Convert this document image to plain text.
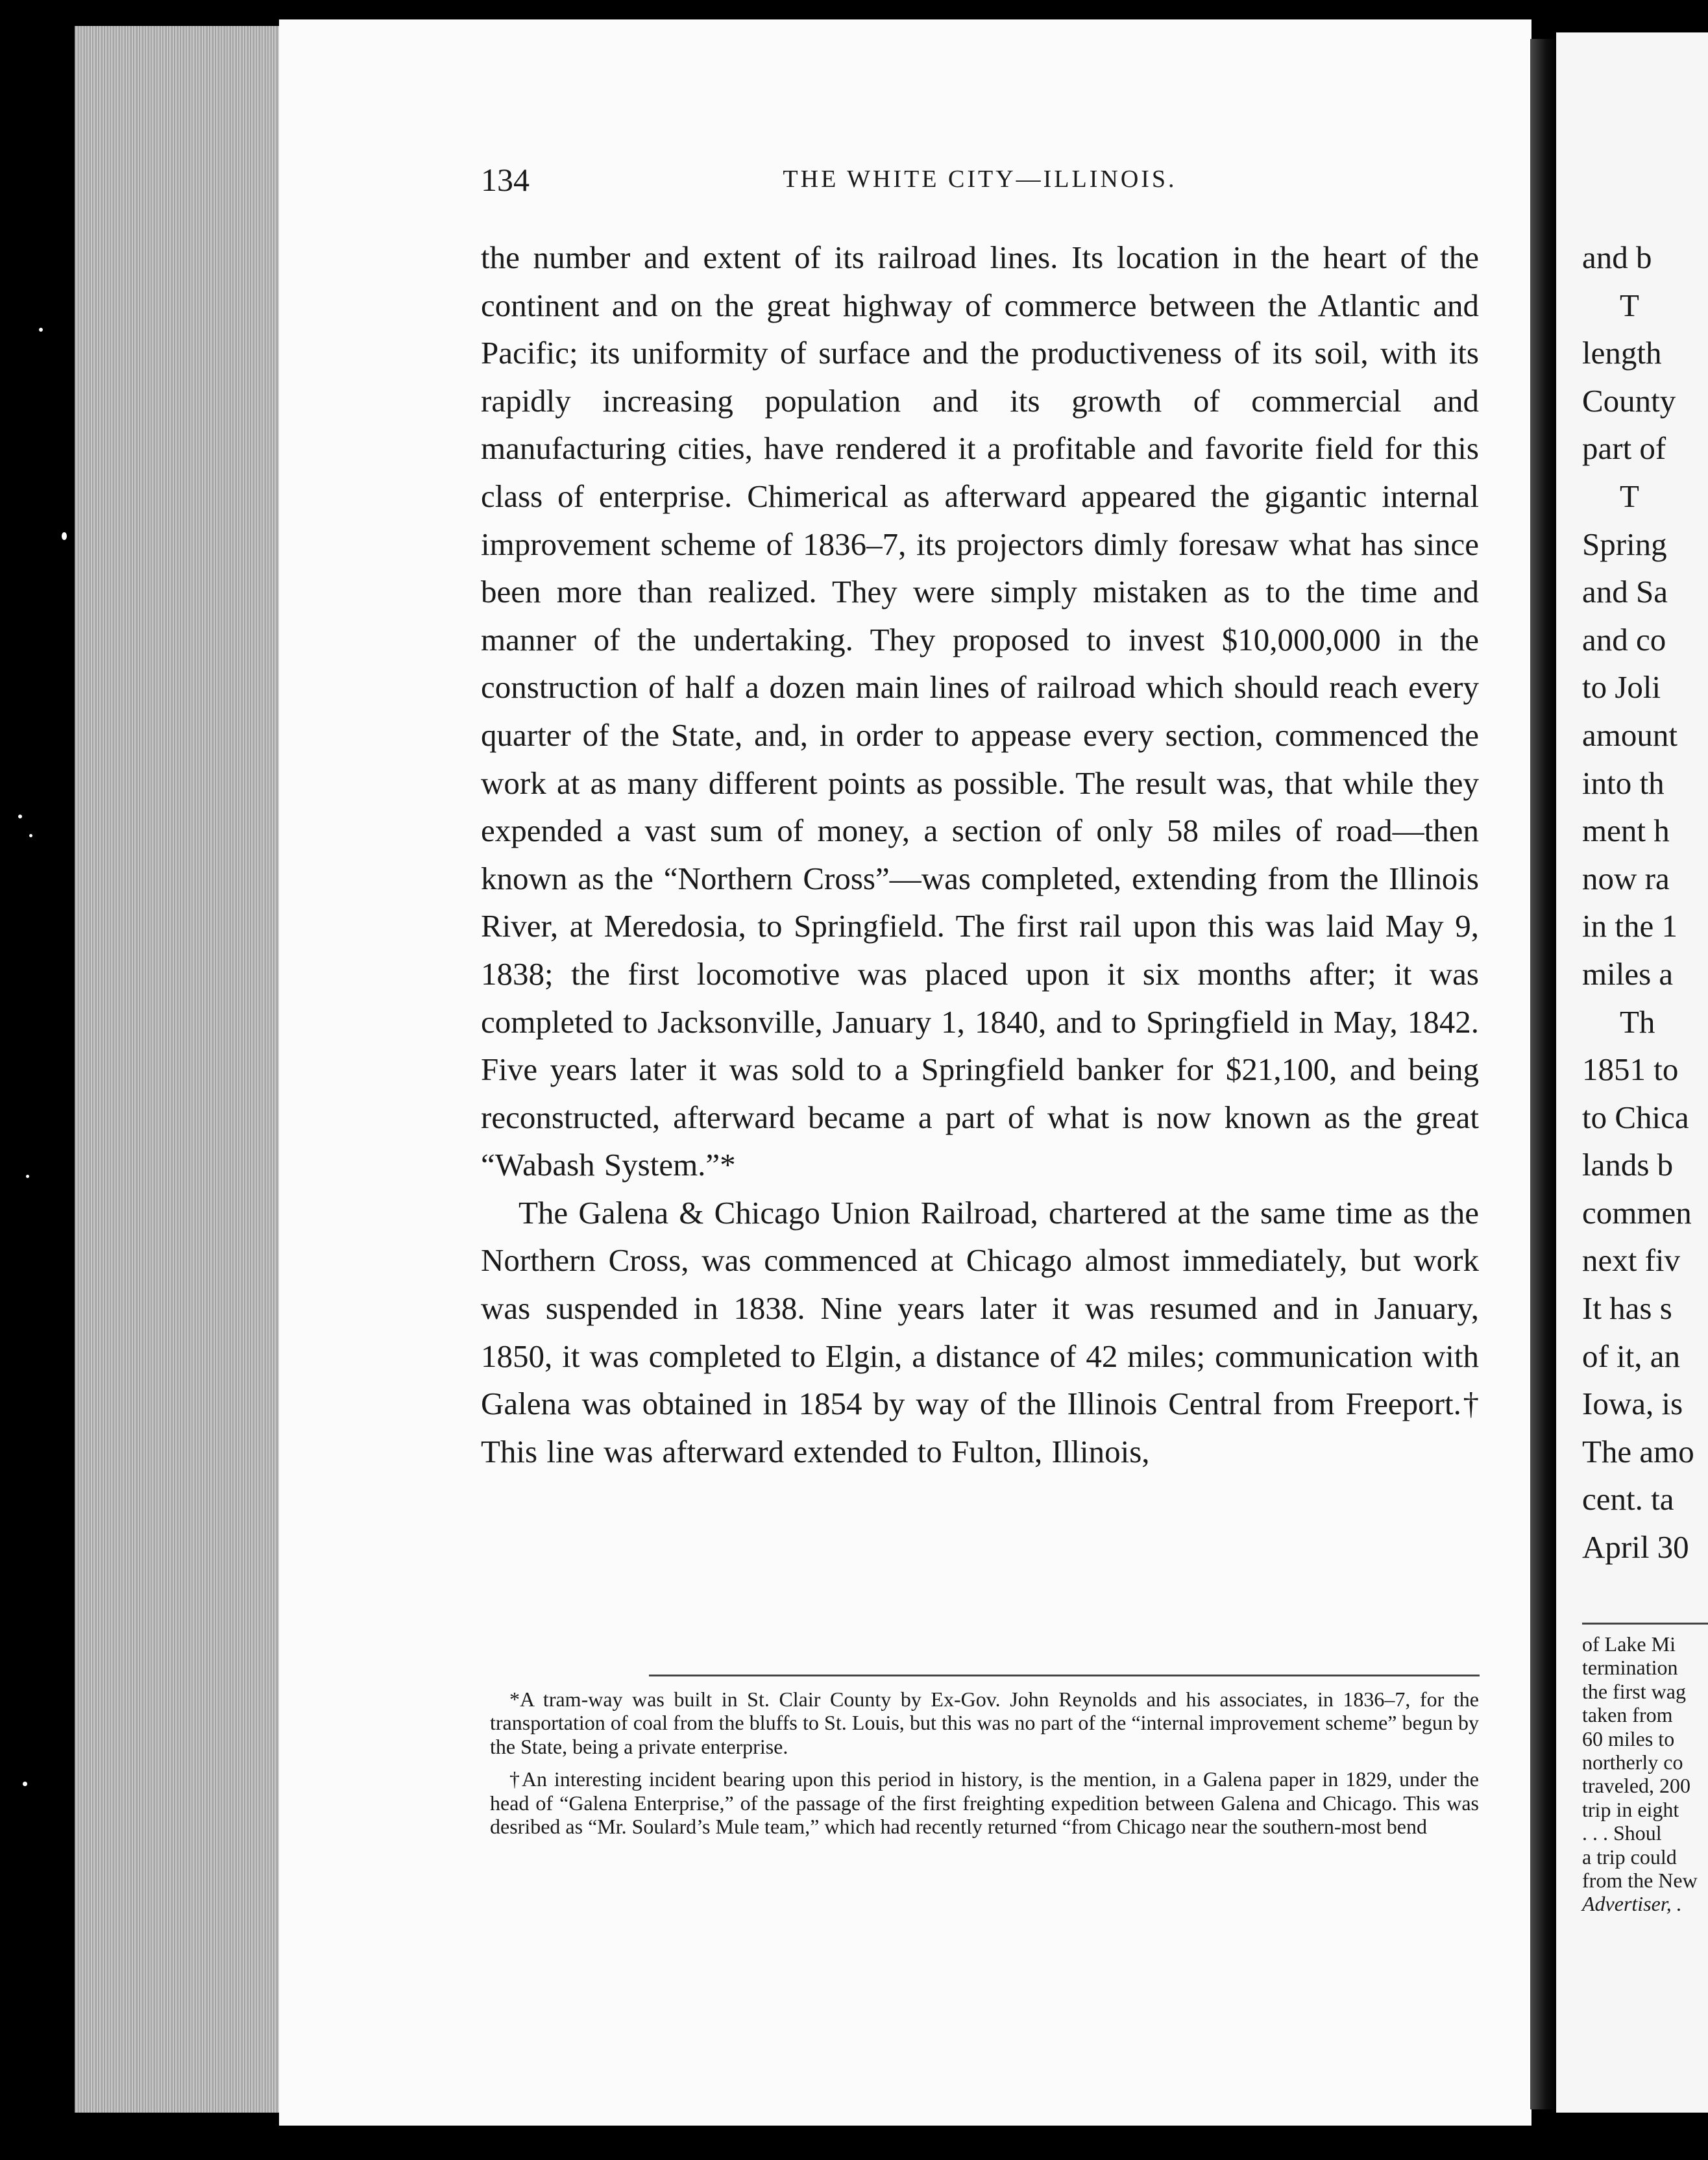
134	THE WHITE CITY—ILLINOIS.

the number and extent of its railroad lines. Its location in the heart of the continent and on the great highway of commerce between the Atlantic and Pacific; its uniformity of surface and the productiveness of its soil, with its rapidly increasing population and its growth of commercial and manufacturing cities, have rendered it a profitable and favorite field for this class of enterprise. Chimerical as afterward appeared the gigantic internal improvement scheme of 1836–7, its projectors dimly foresaw what has since been more than realized. They were simply mistaken as to the time and manner of the undertaking. They proposed to invest $10,000,000 in the construction of half a dozen main lines of railroad which should reach every quarter of the State, and, in order to appease every section, commenced the work at as many different points as possible. The result was, that while they expended a vast sum of money, a section of only 58 miles of road—then known as the “Northern Cross”—was completed, extending from the Illinois River, at Meredosia, to Springfield. The first rail upon this was laid May 9, 1838; the first locomotive was placed upon it six months after; it was completed to Jacksonville, January 1, 1840, and to Springfield in May, 1842. Five years later it was sold to a Springfield banker for $21,100, and being reconstructed, afterward became a part of what is now known as the great “Wabash System.”*

The Galena & Chicago Union Railroad, chartered at the same time as the Northern Cross, was commenced at Chicago almost immediately, but work was suspended in 1838. Nine years later it was resumed and in January, 1850, it was completed to Elgin, a distance of 42 miles; communication with Galena was obtained in 1854 by way of the Illinois Central from Freeport.† This line was afterward extended to Fulton, Illinois,

*A tram-way was built in St. Clair County by Ex-Gov. John Reynolds and his associates, in 1836–7, for the transportation of coal from the bluffs to St. Louis, but this was no part of the “internal improvement scheme” begun by the State, being a private enterprise.

†An interesting incident bearing upon this period in history, is the mention, in a Galena paper in 1829, under the head of “Galena Enterprise,” of the passage of the first freighting expedition between Galena and Chicago. This was desribed as “Mr. Soulard’s Mule team,” which had recently returned “from Chicago near the southern-most bend

and b
T
length
County
part of
T
Spring
and Sa
and co
to Joli
amount
into th
ment h
now ra
in the 1
miles a
Th
1851 to
to Chica
lands b
commen
next fiv
It has s
of it, an
Iowa, is
The amo
cent. ta
April 30
of Lake Mi
termination
the first wag
taken from
60 miles to
northerly co
traveled, 200
trip in eight
. . . Shoul
a trip could
from the New
Advertiser, .
